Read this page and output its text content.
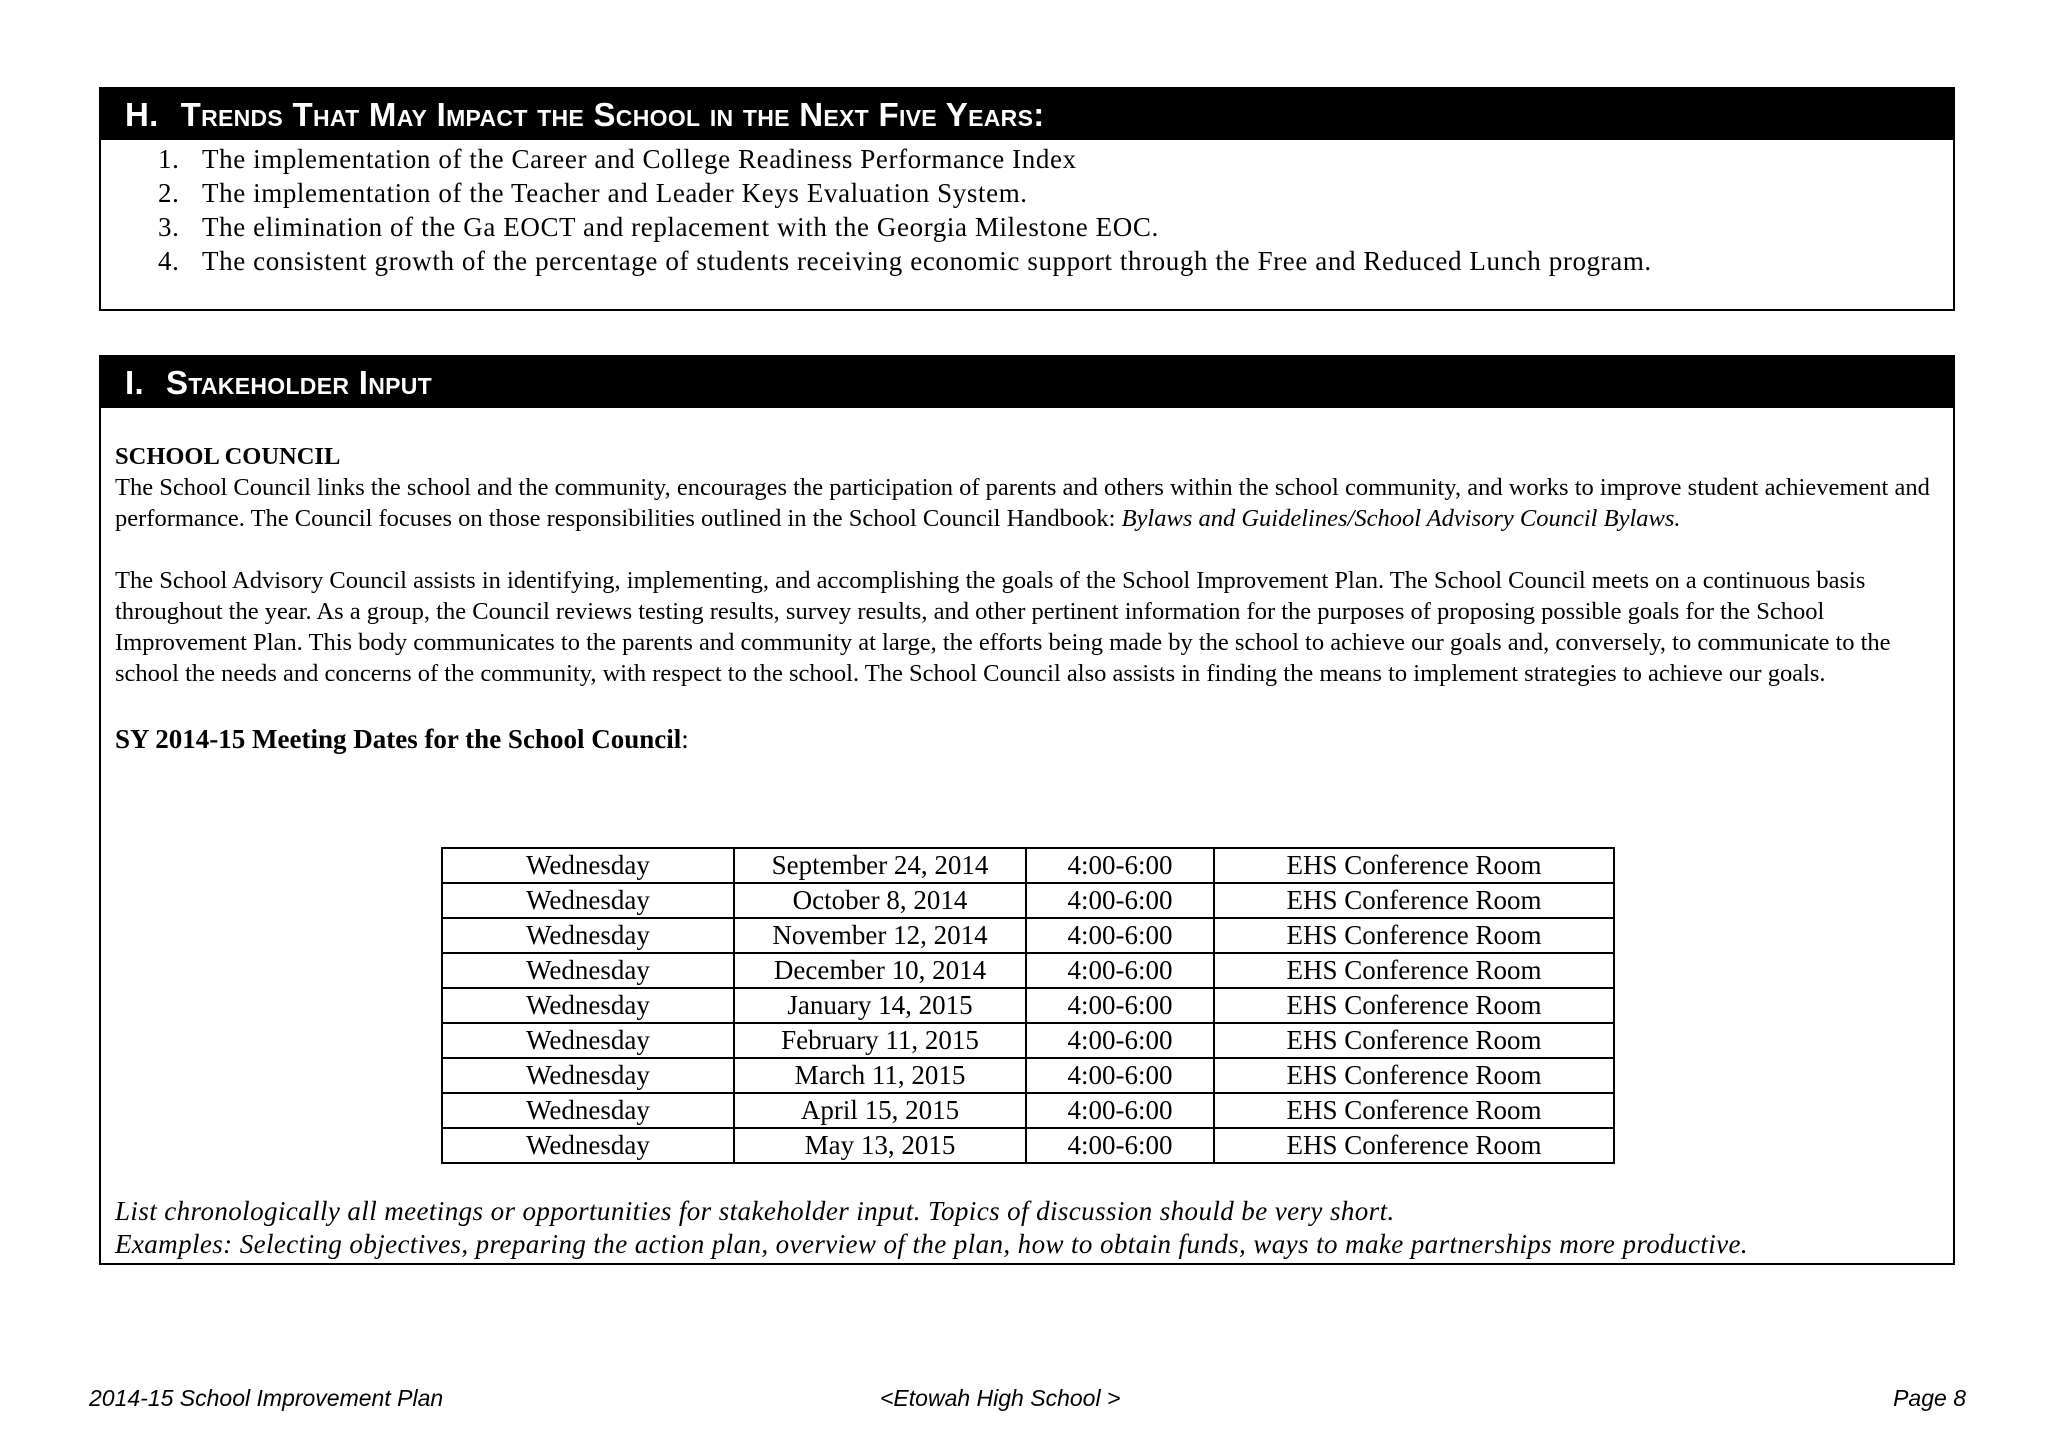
H. Trends That May Impact the School in the Next Five Years:
1. The implementation of the Career and College Readiness Performance Index
2. The implementation of the Teacher and Leader Keys Evaluation System.
3. The elimination of the Ga EOCT and replacement with the Georgia Milestone EOC.
4. The consistent growth of the percentage of students receiving economic support through the Free and Reduced Lunch program.
I. Stakeholder Input
SCHOOL COUNCIL

The School Council links the school and the community, encourages the participation of parents and others within the school community, and works to improve student achievement and performance. The Council focuses on those responsibilities outlined in the School Council Handbook: Bylaws and Guidelines/School Advisory Council Bylaws.

The School Advisory Council assists in identifying, implementing, and accomplishing the goals of the School Improvement Plan. The School Council meets on a continuous basis throughout the year. As a group, the Council reviews testing results, survey results, and other pertinent information for the purposes of proposing possible goals for the School Improvement Plan. This body communicates to the parents and community at large, the efforts being made by the school to achieve our goals and, conversely, to communicate to the school the needs and concerns of the community, with respect to the school. The School Council also assists in finding the means to implement strategies to achieve our goals.

SY 2014-15 Meeting Dates for the School Council:
Wednesday	September 24, 2014	4:00-6:00	EHS Conference Room
Wednesday	October 8, 2014	4:00-6:00	EHS Conference Room
Wednesday	November 12, 2014	4:00-6:00	EHS Conference Room
Wednesday	December 10, 2014	4:00-6:00	EHS Conference Room
Wednesday	January 14, 2015	4:00-6:00	EHS Conference Room
Wednesday	February 11, 2015	4:00-6:00	EHS Conference Room
Wednesday	March 11, 2015	4:00-6:00	EHS Conference Room
Wednesday	April 15, 2015	4:00-6:00	EHS Conference Room
Wednesday	May 13, 2015	4:00-6:00	EHS Conference Room
List chronologically all meetings or opportunities for stakeholder input. Topics of discussion should be very short.
Examples: Selecting objectives, preparing the action plan, overview of the plan, how to obtain funds, ways to make partnerships more productive.
2014-15 School Improvement Plan	<Etowah High School >	Page 8
